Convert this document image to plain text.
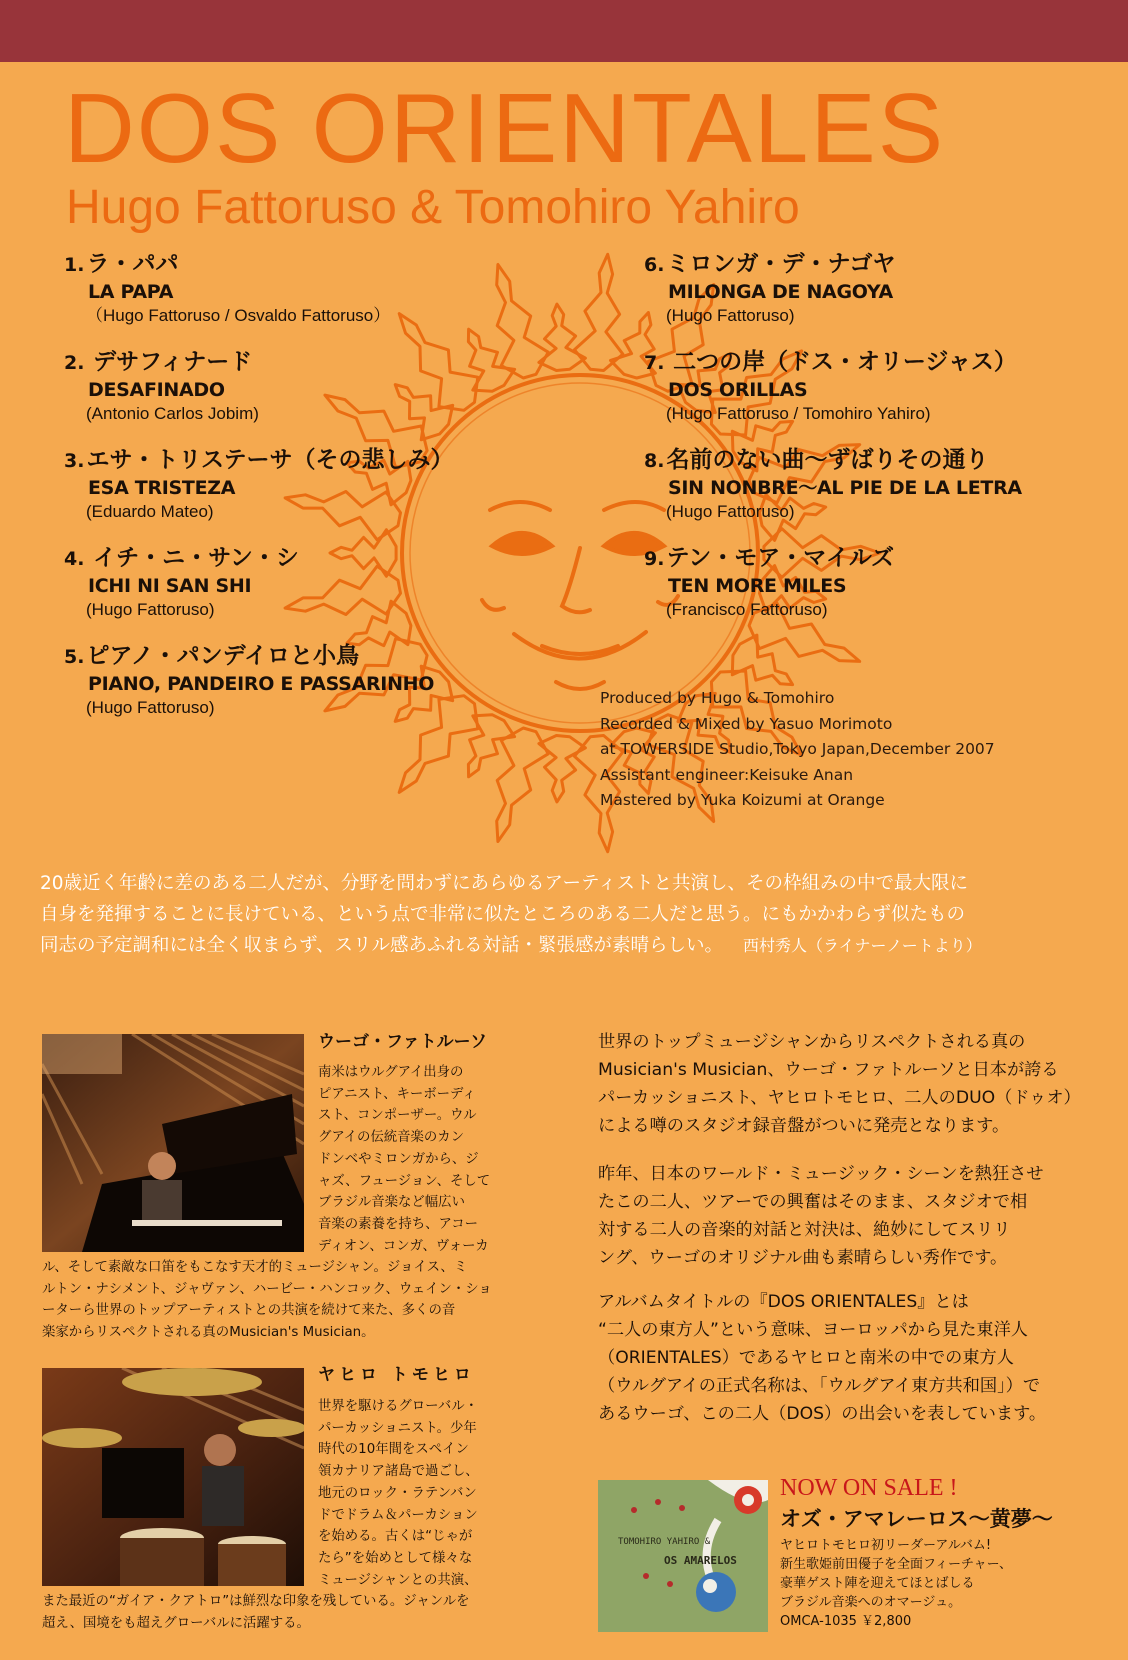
DOS ORIENTALES
Hugo Fattoruso & Tomohiro Yahiro
1.ラ・パパ
LA PAPA
（Hugo Fattoruso / Osvaldo Fattoruso）
2. デサフィナード
DESAFINADO
(Antonio Carlos Jobim)
3.エサ・トリステーサ（その悲しみ）
ESA TRISTEZA
(Eduardo Mateo)
4. イチ・ニ・サン・シ
ICHI NI SAN SHI
(Hugo Fattoruso)
5.ピアノ・パンデイロと小鳥
PIANO, PANDEIRO E PASSARINHO
(Hugo Fattoruso)
6.ミロンガ・デ・ナゴヤ
MILONGA DE NAGOYA
(Hugo Fattoruso)
7. 二つの岸（ドス・オリージャス）
DOS ORILLAS
(Hugo Fattoruso / Tomohiro Yahiro)
8.名前のない曲～ずばりその通り
SIN NONBRE～AL PIE DE LA LETRA
(Hugo Fattoruso)
9.テン・モア・マイルズ
TEN MORE MILES
(Francisco Fattoruso)
Produced by Hugo & Tomohiro
Recorded & Mixed by Yasuo Morimoto
at TOWERSIDE Studio,Tokyo Japan,December 2007
Assistant engineer:Keisuke Anan
Mastered by Yuka Koizumi at Orange
20歳近く年齢に差のある二人だが、分野を問わずにあらゆるアーティストと共演し、その枠組みの中で最大限に
自身を発揮することに長けている、という点で非常に似たところのある二人だと思う。にもかかわらず似たもの
同志の予定調和には全く収まらず、スリル感あふれる対話・緊張感が素晴らしい。 西村秀人（ライナーノートより）
ウーゴ・ファトルーソ
南米はウルグアイ出身の
ピアニスト、キーボーディ
スト、コンポーザー。ウル
グアイの伝統音楽のカン
ドンベやミロンガから、ジ
ャズ、フュージョン、そして
ブラジル音楽など幅広い
音楽の素養を持ち、アコー
ディオン、コンガ、ヴォーカ
ル、そして素敵な口笛をもこなす天才的ミュージシャン。ジョイス、ミ
ルトン・ナシメント、ジャヴァン、ハービー・ハンコック、ウェイン・ショ
ーターら世界のトップアーティストとの共演を続けて来た、多くの音
楽家からリスペクトされる真のMusician's Musician。
ヤヒロ トモヒロ
世界を駆けるグローバル・
パーカッショニスト。少年
時代の10年間をスペイン
領カナリア諸島で過ごし、
地元のロック・ラテンバン
ドでドラム＆パーカション
を始める。古くは“じゃが
たら”を始めとして様々な
ミュージシャンとの共演、
また最近の“ガイア・クアトロ”は鮮烈な印象を残している。ジャンルを
超え、国境をも超えグローバルに活躍する。
世界のトップミュージシャンからリスペクトされる真の
Musician's Musician、ウーゴ・ファトルーソと日本が誇る
パーカッショニスト、ヤヒロトモヒロ、二人のDUO（ドゥオ）
による噂のスタジオ録音盤がついに発売となります。
昨年、日本のワールド・ミュージック・シーンを熱狂させ
たこの二人、ツアーでの興奮はそのまま、スタジオで相
対する二人の音楽的対話と対決は、絶妙にしてスリリ
ング、ウーゴのオリジナル曲も素晴らしい秀作です。
アルバムタイトルの『DOS ORIENTALES』とは
“二人の東方人”という意味、ヨーロッパから見た東洋人
（ORIENTALES）であるヤヒロと南米の中での東方人
（ウルグアイの正式名称は、「ウルグアイ東方共和国」）で
あるウーゴ、この二人（DOS）の出会いを表しています。
TOMOHIRO YAHIRO &
OS AMARELOS
NOW ON SALE !
オズ・アマレーロス～黄夢～
ヤヒロトモヒロ初リーダーアルバム!
新生歌姫前田優子を全面フィーチャー、
豪華ゲスト陣を迎えてほとばしる
ブラジル音楽へのオマージュ。
OMCA-1035 ￥2,800
